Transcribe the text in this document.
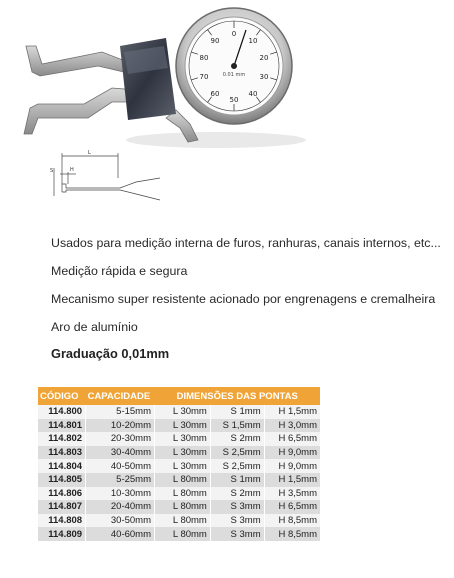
0
10
20
30
40
50
60
70
80
90
0.01 mm
L
S	H
Usados para medição interna de furos, ranhuras, canais internos, etc...
Medição rápida e segura
Mecanismo super resistente acionado por engrenagens e cremalheira
Aro de alumínio
Graduação 0,01mm
CÓDIGO	CAPACIDADE	DIMENSÕES DAS PONTAS		
114.800	5-15mm	L 30mm	S 1mm	H 1,5mm
114.801	10-20mm	L 30mm	S 1,5mm	H 3,0mm
114.802	20-30mm	L 30mm	S 2mm	H 6,5mm
114.803	30-40mm	L 30mm	S 2,5mm	H 9,0mm
114.804	40-50mm	L 30mm	S 2,5mm	H 9,0mm
114.805	5-25mm	L 80mm	S 1mm	H 1,5mm
114.806	10-30mm	L 80mm	S 2mm	H 3,5mm
114.807	20-40mm	L 80mm	S 3mm	H 6,5mm
114.808	30-50mm	L 80mm	S 3mm	H 8,5mm
114.809	40-60mm	L 80mm	S 3mm	H 8,5mm
